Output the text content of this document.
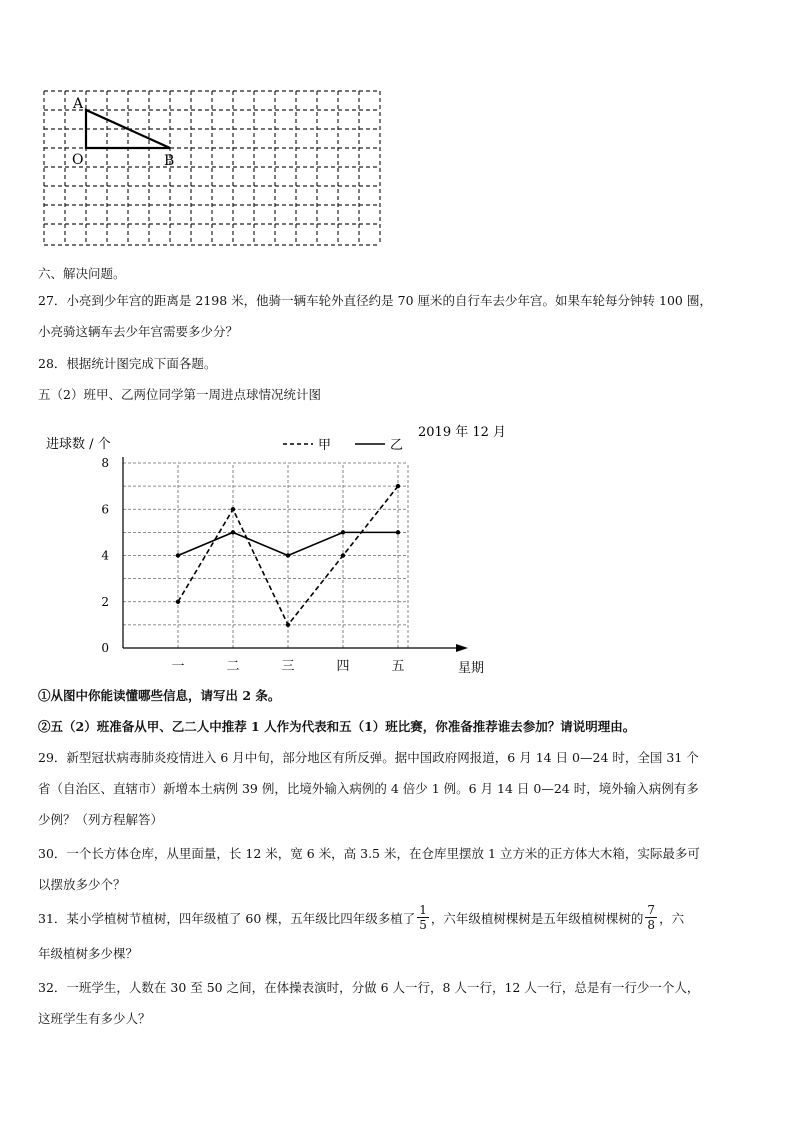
A
O	B
六、解决问题。
27．小亮到少年宫的距离是 2198 米，他骑一辆车轮外直径约是 70 厘米的自行车去少年宫。如果车轮每分钟转 100 圈，
小亮骑这辆车去少年宫需要多少分？
28．根据统计图完成下面各题。
五（2）班甲、乙两位同学第一周进点球情况统计图
进球数 / 个
2019 年 12 月
甲	乙
0
2
4
6
8
一	二	三	四	五	星期
①从图中你能读懂哪些信息，请写出 2 条。
②五（2）班准备从甲、乙二人中推荐 1 人作为代表和五（1）班比赛，你准备推荐谁去参加？请说明理由。
29．新型冠状病毒肺炎疫情进入 6 月中旬，部分地区有所反弹。据中国政府网报道，6 月 14 日 0—24 时，全国 31 个
省（自治区、直辖市）新增本土病例 39 例，比境外输入病例的 4 倍少 1 例。6 月 14 日 0—24 时，境外输入病例有多
少例？（列方程解答）
30．一个长方体仓库，从里面量，长 12 米，宽 6 米，高 3.5 米，在仓库里摆放 1 立方米的正方体大木箱，实际最多可
以摆放多少个？
31．某小学植树节植树，四年级植了 60 棵，五年级比四年级多植了 $\frac{1}{5}$ ，六年级植树棵树是五年级植树棵树的 $\frac{7}{8}$ ，六
年级植树多少棵？
32．一班学生，人数在 30 至 50 之间，在体操表演时，分做 6 人一行，8 人一行，12 人一行，总是有一行少一个人，
这班学生有多少人？
